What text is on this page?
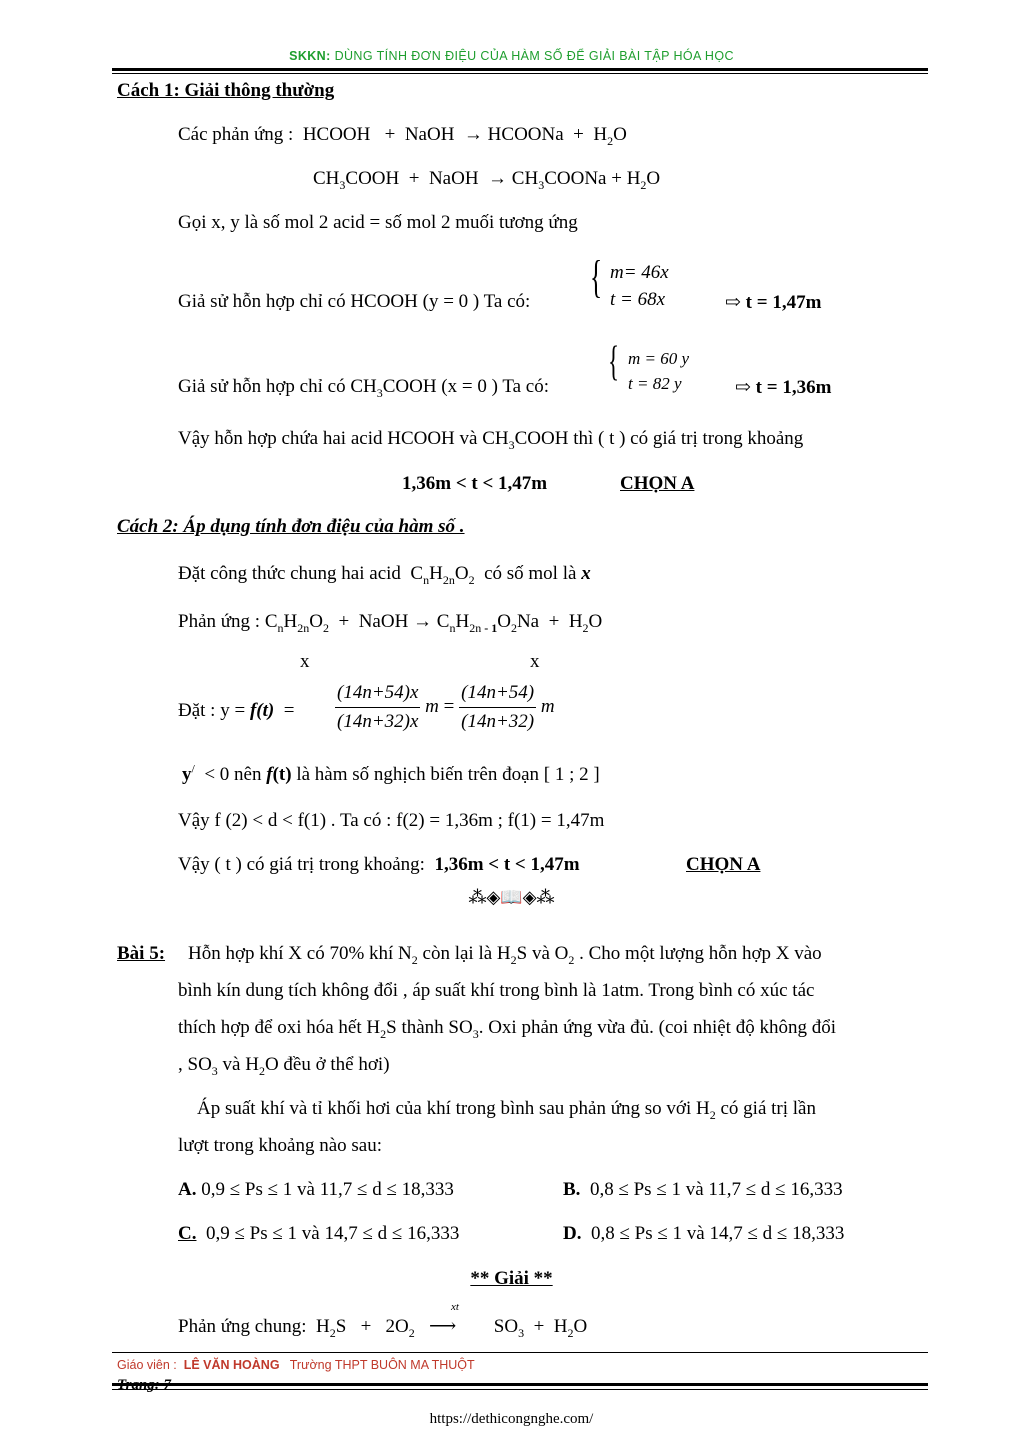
SKKN: DÙNG TÍNH ĐƠN ĐIỆU CỦA HÀM SỐ ĐỂ GIẢI BÀI TẬP HÓA HỌC
Cách 1: Giải thông thường
Các phản ứng :  HCOOH   +  NaOH  → HCOONa  +  $H_2O$
$CH_3COOH$  +  NaOH  → $CH_3COONa + H_2O$
Gọi x, y là số mol 2 acid = số mol 2 muối tương ứng
Giả sử hỗn hợp chỉ có HCOOH (y = 0 ) Ta có: { m= 46x
t = 68x	⇨ t = 1,47m
Giả sử hỗn hợp chỉ có $CH_3COOH$ (x = 0 ) Ta có:
{ m = 60 y
t = 82 y	⇨ t = 1,36m
Vậy hỗn hợp chứa hai acid HCOOH và $CH_3COOH$ thì ( t ) có giá trị trong khoảng
1,36m < t < 1,47m	CHỌN A
Cách 2: Áp dụng tính đơn điệu của hàm số .
Đặt công thức chung hai acid  $C_nH_{2n}O_2$ có số mol là x
Phản ứng : $C_nH_{2n}O_2$  +  NaOH → $C_nH_{2n - 1}O_2Na + H_2O$
x	x
Đặt : $y = f(t) = \frac{(14n+54)x}{(14n+32)x}$ $m = \frac{(14n+54)}{(14n+32)}$ m
y/ < 0 nên f(t) là hàm số nghịch biến trên đoạn [ 1 ; 2 ]
Vậy f (2) < d < f(1) . Ta có : f(2) = 1,36m ; f(1) = 1,47m
Vậy ( t ) có giá trị trong khoảng: 1,36m < t < 1,47m	CHỌN A
⁂◈📖◈⁂
Bài 5: Hỗn hợp khí X có 70% khí $N_2$ còn lại là $H_2S$ và $O_2$ . Cho một lượng hỗn hợp X vào
bình kín dung tích không đổi , áp suất khí trong bình là 1atm. Trong bình có xúc tác
thích hợp để oxi hóa hết $H_2S$ thành $SO_3$. Oxi phản ứng vừa đủ. (coi nhiệt độ không đổi
, $SO_3$ và $H_2O$ đều ở thể hơi)
Áp suất khí và tỉ khối hơi của khí trong bình sau phản ứng so với $H_2$ có giá trị lần
lượt trong khoảng nào sau:
A. 0,9 ≤ Ps ≤ 1 và 11,7 ≤ d ≤ 18,333	B. 0,8 ≤ Ps ≤ 1 và 11,7 ≤ d ≤ 16,333
C. 0,9 ≤ Ps ≤ 1 và 14,7 ≤ d ≤ 16,333	D. 0,8 ≤ Ps ≤ 1 và 14,7 ≤ d ≤ 18,333
** Giải **
Phản ứng chung:  $H_2S + 2O_2$
xt
⟶ $SO_3 + H_2O$
Giáo viên : LÊ VĂN HOÀNG Trường THPT BUÔN MA THUỘT
Trang: 7
https://dethicongnghe.com/
